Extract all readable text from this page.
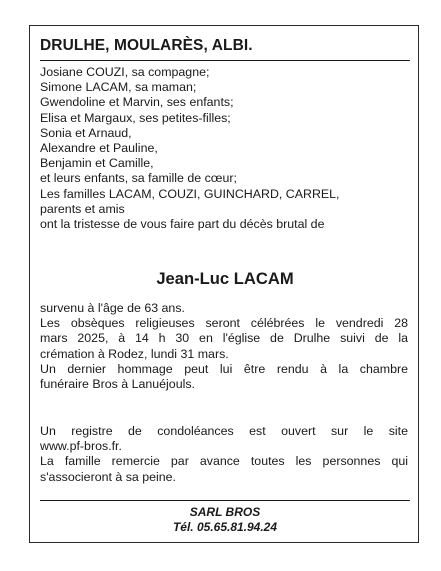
DRULHE, MOULARÈS, ALBI.
Josiane COUZI, sa compagne;
Simone LACAM, sa maman;
Gwendoline et Marvin, ses enfants;
Elisa et Margaux, ses petites-filles;
Sonia et Arnaud,
Alexandre et Pauline,
Benjamin et Camille,
et leurs enfants, sa famille de cœur;
Les familles LACAM, COUZI, GUINCHARD, CARREL,
parents et amis
ont la tristesse de vous faire part du décès brutal de
Jean-Luc LACAM
survenu à l'âge de 63 ans.
Les obsèques religieuses seront célébrées le vendredi 28
mars 2025, à 14 h 30 en l'église de Drulhe suivi de la
crémation à Rodez, lundi 31 mars.
Un dernier hommage peut lui être rendu à la chambre
funéraire Bros à Lanuéjouls.
Un registre de condoléances est ouvert sur le site
www.pf-bros.fr.
La famille remercie par avance toutes les personnes qui
s'associeront à sa peine.
SARL BROS
Tél. 05.65.81.94.24
